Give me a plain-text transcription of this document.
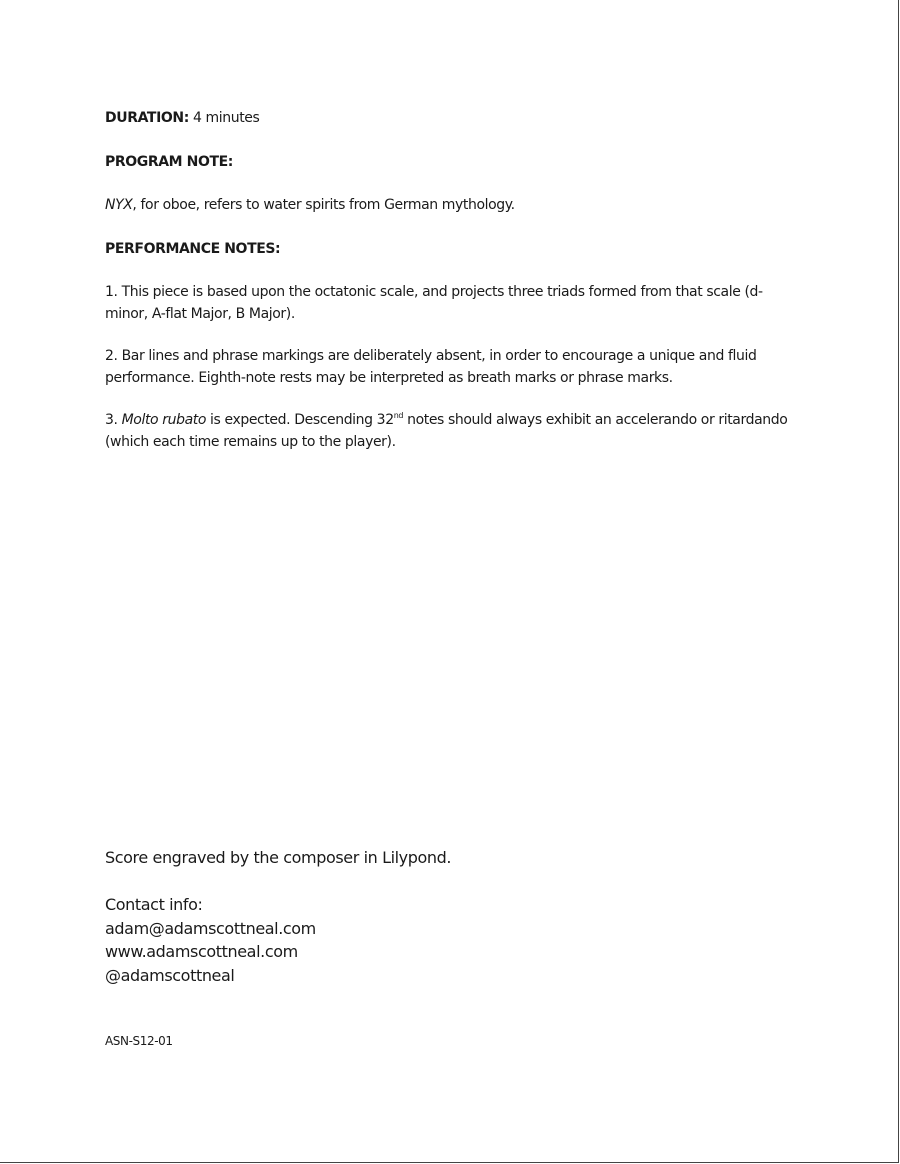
DURATION: 4 minutes
PROGRAM NOTE:
NYX, for oboe, refers to water spirits from German mythology.
PERFORMANCE NOTES:
1. This piece is based upon the octatonic scale, and projects three triads formed from that scale (d-minor, A-flat Major, B Major).
2. Bar lines and phrase markings are deliberately absent, in order to encourage a unique and fluid performance. Eighth-note rests may be interpreted as breath marks or phrase marks.
3. Molto rubato is expected. Descending 32nd notes should always exhibit an accelerando or ritardando (which each time remains up to the player).
Score engraved by the composer in Lilypond.
Contact info:
adam@adamscottneal.com
www.adamscottneal.com
@adamscottneal
ASN-S12-01
